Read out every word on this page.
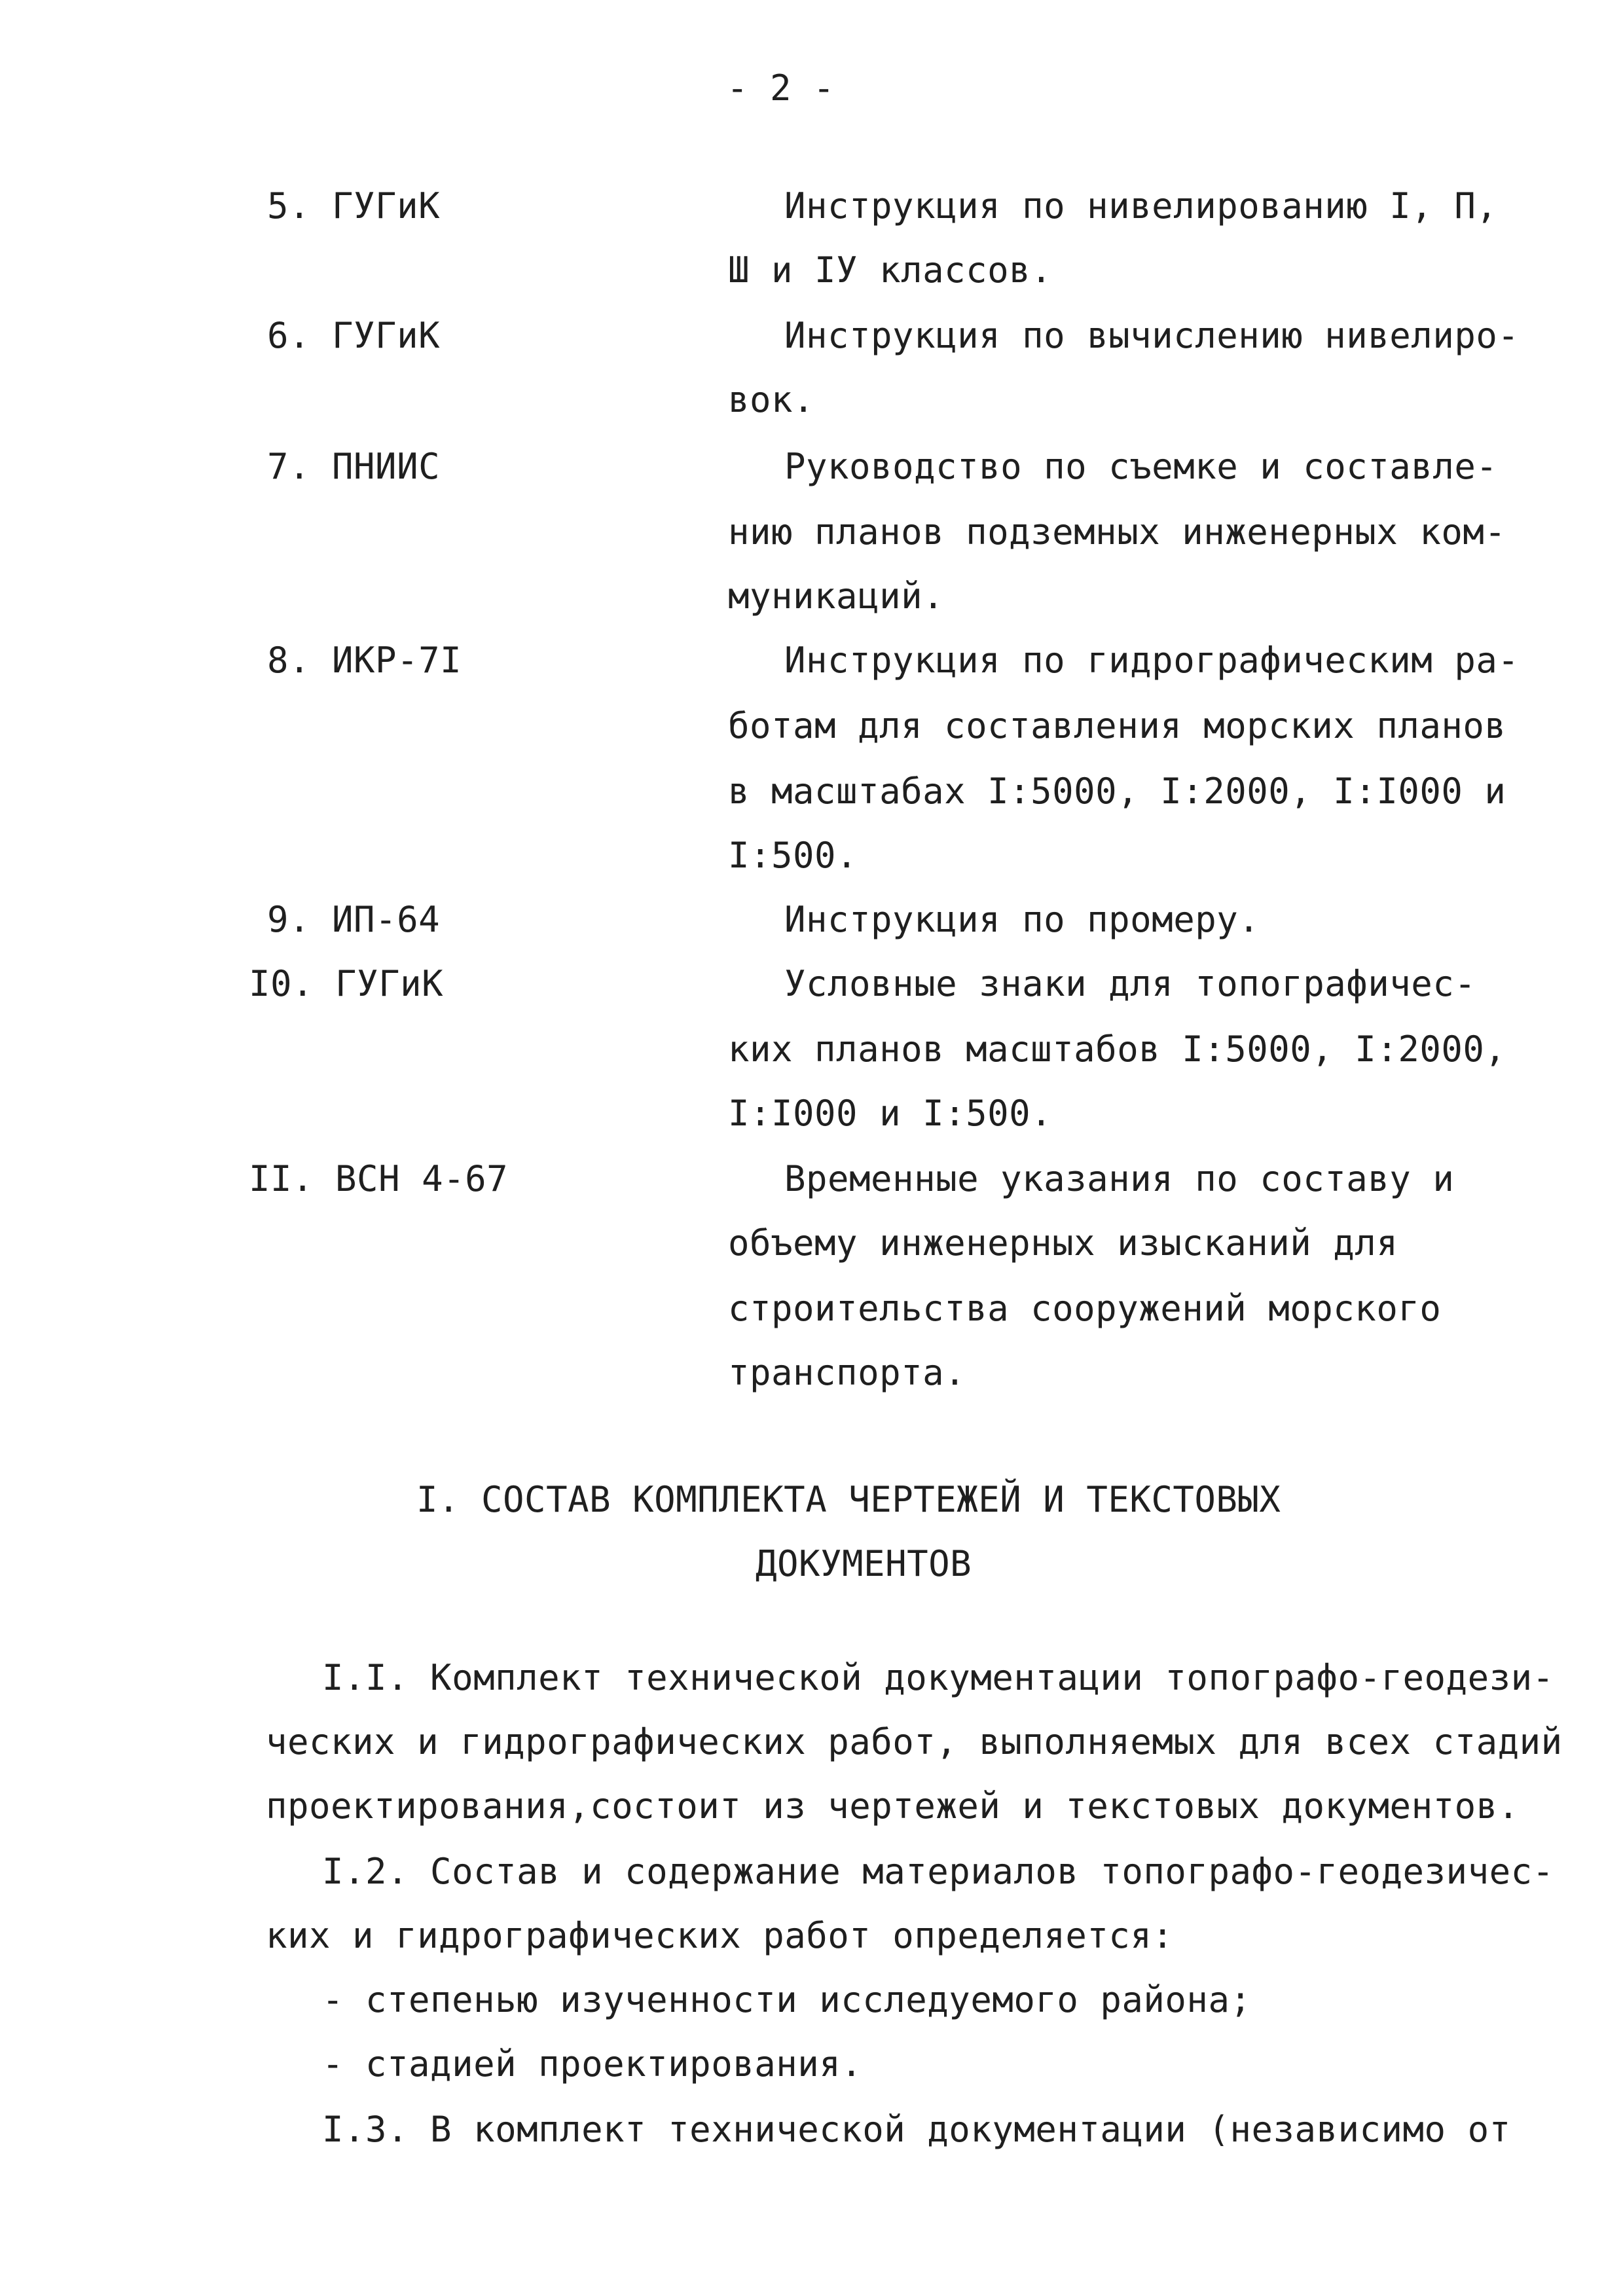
- 2 -
5. ГУГиК	Инструкция по нивелированию I, П,
Ш и IУ классов.
6. ГУГиК	Инструкция по вычислению нивелиро-
вок.
7. ПНИИС	Руководство по съемке и составле-
нию планов подземных инженерных ком-
муникаций.
8. ИКР-7I	Инструкция по гидрографическим ра-
ботам для составления морских планов
в масштабах I:5000, I:2000, I:I000 и
I:500.
9. ИП-64	Инструкция по промеру.
I0. ГУГиК	Условные знаки для топографичес-
ких планов масштабов I:5000, I:2000,
I:I000 и I:500.
II. ВСН 4-67	Временные указания по составу и
объему инженерных изысканий для
строительства сооружений морского
транспорта.
I. СОСТАВ КОМПЛЕКТА ЧЕРТЕЖЕЙ И ТЕКСТОВЫХ
ДОКУМЕНТОВ
I.I. Комплект технической документации топографо-геодези-
ческих и гидрографических работ, выполняемых для всех стадий
проектирования,состоит из чертежей и текстовых документов.
I.2. Состав и содержание материалов топографо-геодезичес-
ких и гидрографических работ определяется:
- степенью изученности исследуемого района;
- стадией проектирования.
I.3. В комплект технической документации (независимо от
